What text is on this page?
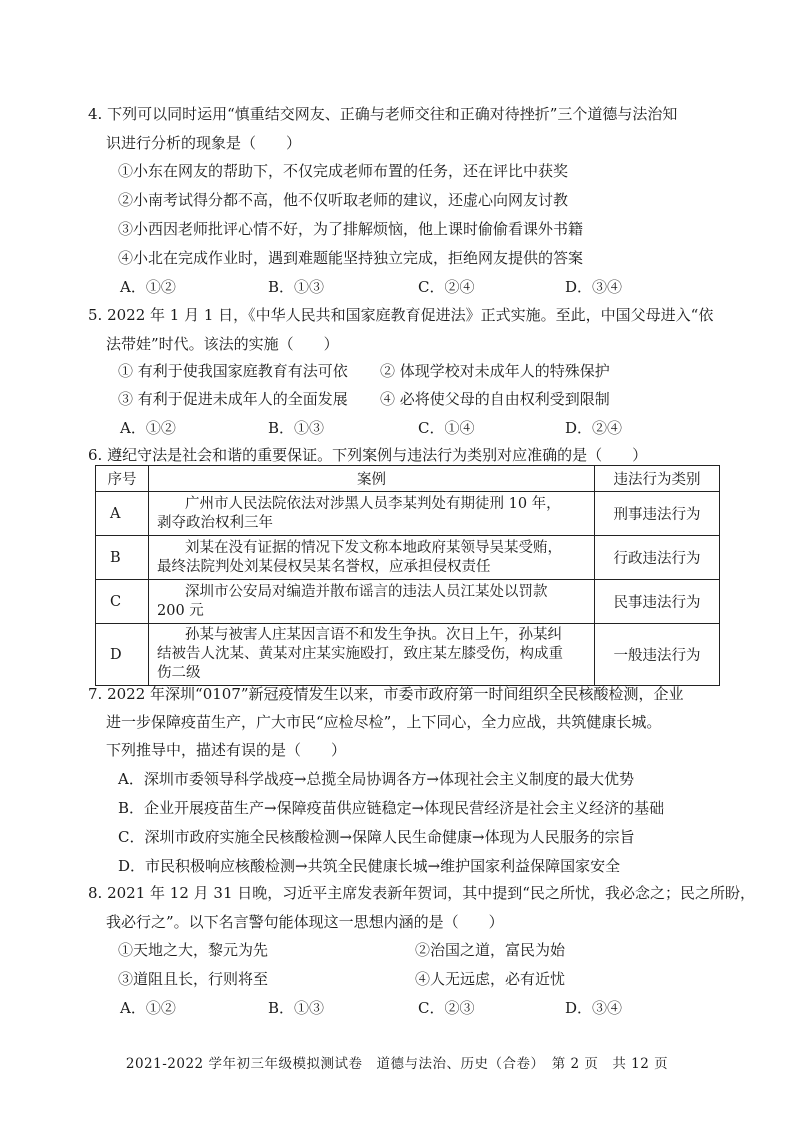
4. 下列可以同时运用“慎重结交网友、正确与老师交往和正确对待挫折”三个道德与法治知
识进行分析的现象是（　　）
①小东在网友的帮助下，不仅完成老师布置的任务，还在评比中获奖
②小南考试得分都不高，他不仅听取老师的建议，还虚心向网友讨教
③小西因老师批评心情不好，为了排解烦恼，他上课时偷偷看课外书籍
④小北在完成作业时，遇到难题能坚持独立完成，拒绝网友提供的答案
A．①②	B．①③	C．②④	D．③④
5. 2022 年 1 月 1 日，《中华人民共和国家庭教育促进法》正式实施。至此，中国父母进入“依
法带娃”时代。该法的实施（　　）
① 有利于使我国家庭教育有法可依 ② 体现学校对未成年人的特殊保护
③ 有利于促进未成年人的全面发展 ④ 必将使父母的自由权利受到限制
A．①②	B．①③	C．①④	D．②④
6. 遵纪守法是社会和谐的重要保证。下列案例与违法行为类别对应准确的是（　　）
序号	案例	违法行为类别
A	广州市人民法院依法对涉黑人员李某判处有期徒刑 10 年，
剥夺政治权利三年	刑事违法行为
B	刘某在没有证据的情况下发文称本地政府某领导吴某受贿，
最终法院判处刘某侵权吴某名誉权，应承担侵权责任	行政违法行为
C	深圳市公安局对编造并散布谣言的违法人员江某处以罚款
200 元	民事违法行为
D	孙某与被害人庄某因言语不和发生争执。次日上午，孙某纠
结被告人沈某、黄某对庄某实施殴打，致庄某左膝受伤，构成重
伤二级	一般违法行为
7. 2022 年深圳“0107”新冠疫情发生以来，市委市政府第一时间组织全民核酸检测，企业
进一步保障疫苗生产，广大市民“应检尽检”，上下同心，全力应战，共筑健康长城。
下列推导中，描述有误的是（　　）
A．深圳市委领导科学战疫→总揽全局协调各方→体现社会主义制度的最大优势
B．企业开展疫苗生产→保障疫苗供应链稳定→体现民营经济是社会主义经济的基础
C．深圳市政府实施全民核酸检测→保障人民生命健康→体现为人民服务的宗旨
D．市民积极响应核酸检测→共筑全民健康长城→维护国家利益保障国家安全
8. 2021 年 12 月 31 日晚，习近平主席发表新年贺词，其中提到“民之所忧，我必念之；民之所盼，
我必行之”。以下名言警句能体现这一思想内涵的是（　　）
①天地之大，黎元为先	②治国之道，富民为始
③道阻且长，行则将至	④人无远虑，必有近忧
A．①②	B．①③	C．②③	D．③④
2021-2022 学年初三年级模拟测试卷　道德与法治、历史（合卷）　第 2 页　共 12 页
